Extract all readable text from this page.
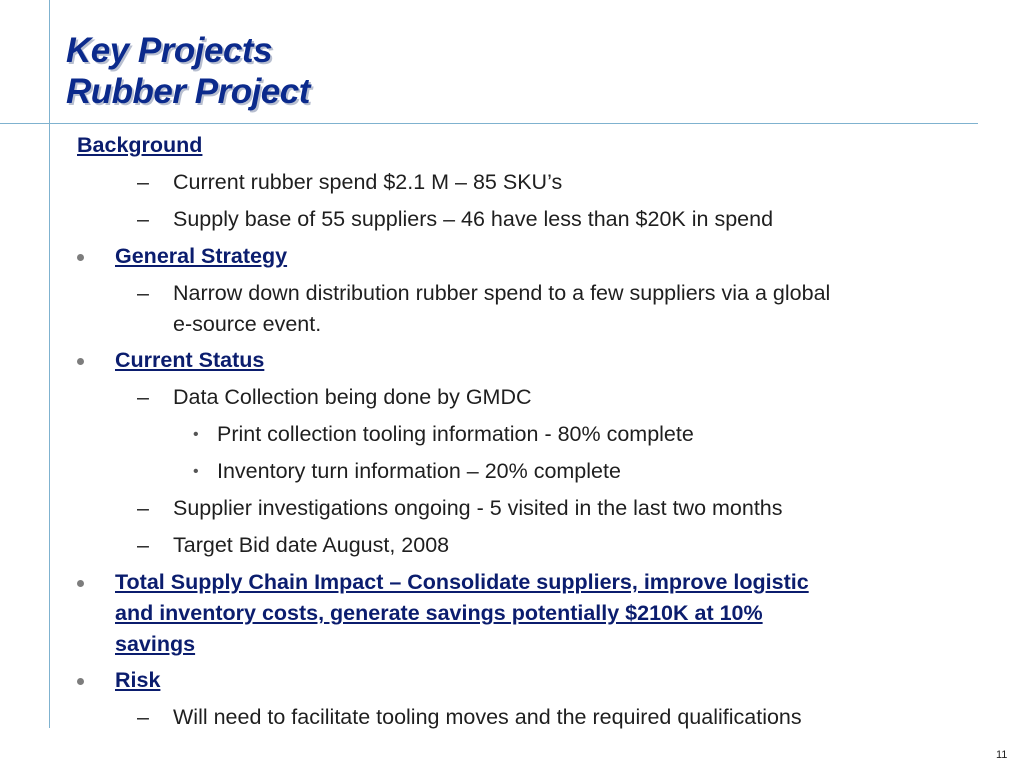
Key Projects
Rubber Project
Background
– Current rubber spend $2.1 M – 85 SKU’s
– Supply base of 55 suppliers – 46 have less than $20K in spend
General Strategy
– Narrow down distribution rubber spend to a few suppliers via a global
e-source event.
Current Status
– Data Collection being done by GMDC
• Print collection tooling information - 80% complete
• Inventory turn information – 20% complete
– Supplier investigations ongoing - 5 visited in the last two months
– Target Bid date August, 2008
Total Supply Chain Impact – Consolidate suppliers, improve logistic
and inventory costs, generate savings potentially $210K at 10%
savings
Risk
– Will need to facilitate tooling moves and the required qualifications
11
